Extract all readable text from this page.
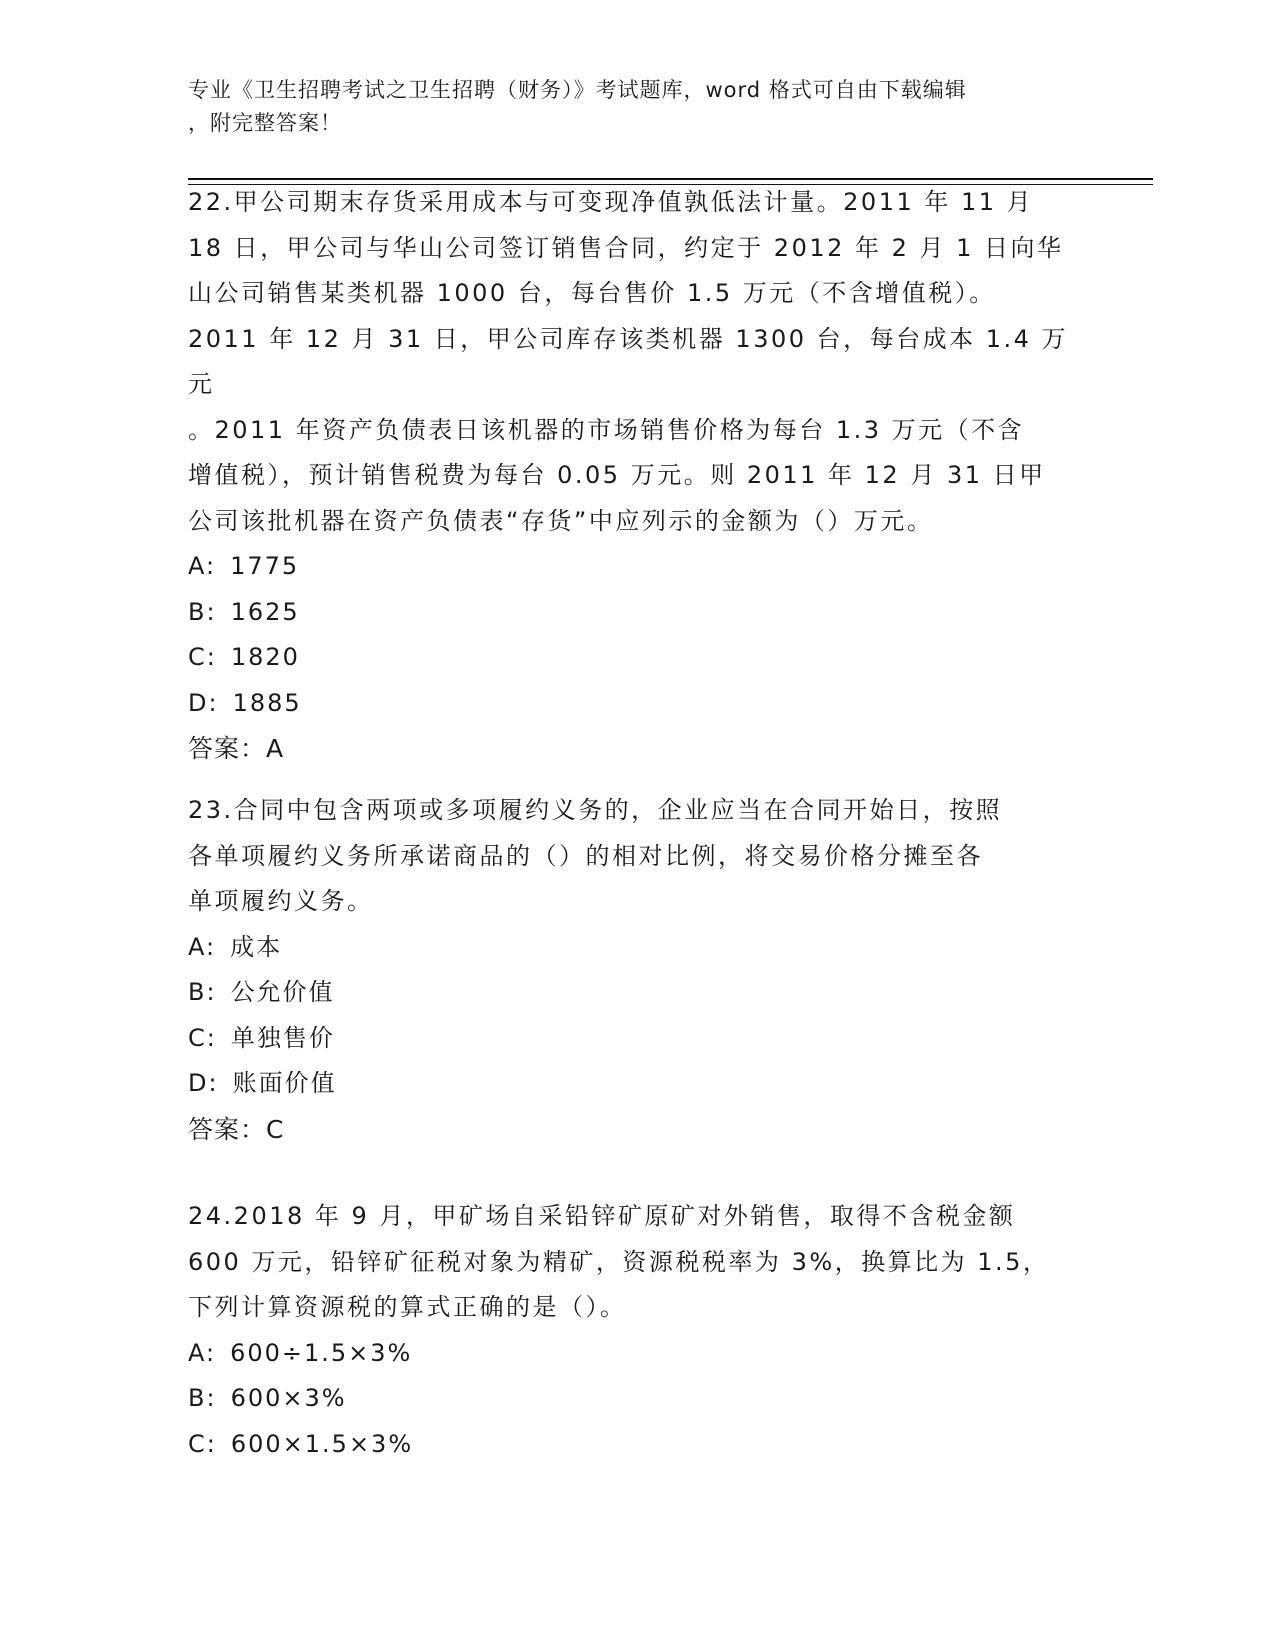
专业《卫生招聘考试之卫生招聘（财务）》考试题库，word 格式可自由下载编辑
，附完整答案！

22.甲公司期末存货采用成本与可变现净值孰低法计量。2011 年 11 月
18 日，甲公司与华山公司签订销售合同，约定于 2012 年 2 月 1 日向华
山公司销售某类机器 1000 台，每台售价 1.5 万元（不含增值税）。
2011 年 12 月 31 日，甲公司库存该类机器 1300 台，每台成本 1.4 万元
。2011 年资产负债表日该机器的市场销售价格为每台 1.3 万元（不含
增值税），预计销售税费为每台 0.05 万元。则 2011 年 12 月 31 日甲
公司该批机器在资产负债表“存货”中应列示的金额为（）万元。

A: 1775

B: 1625

C: 1820

D: 1885

答案：A

23.合同中包含两项或多项履约义务的，企业应当在合同开始日，按照
各单项履约义务所承诺商品的（）的相对比例，将交易价格分摊至各
单项履约义务。

A: 成本

B: 公允价值

C: 单独售价

D: 账面价值

答案：C

24.2018 年 9 月，甲矿场自采铅锌矿原矿对外销售，取得不含税金额
600 万元，铅锌矿征税对象为精矿，资源税税率为 3%，换算比为 1.5，
下列计算资源税的算式正确的是（）。

A: 600÷1.5×3%

B: 600×3%

C: 600×1.5×3%
